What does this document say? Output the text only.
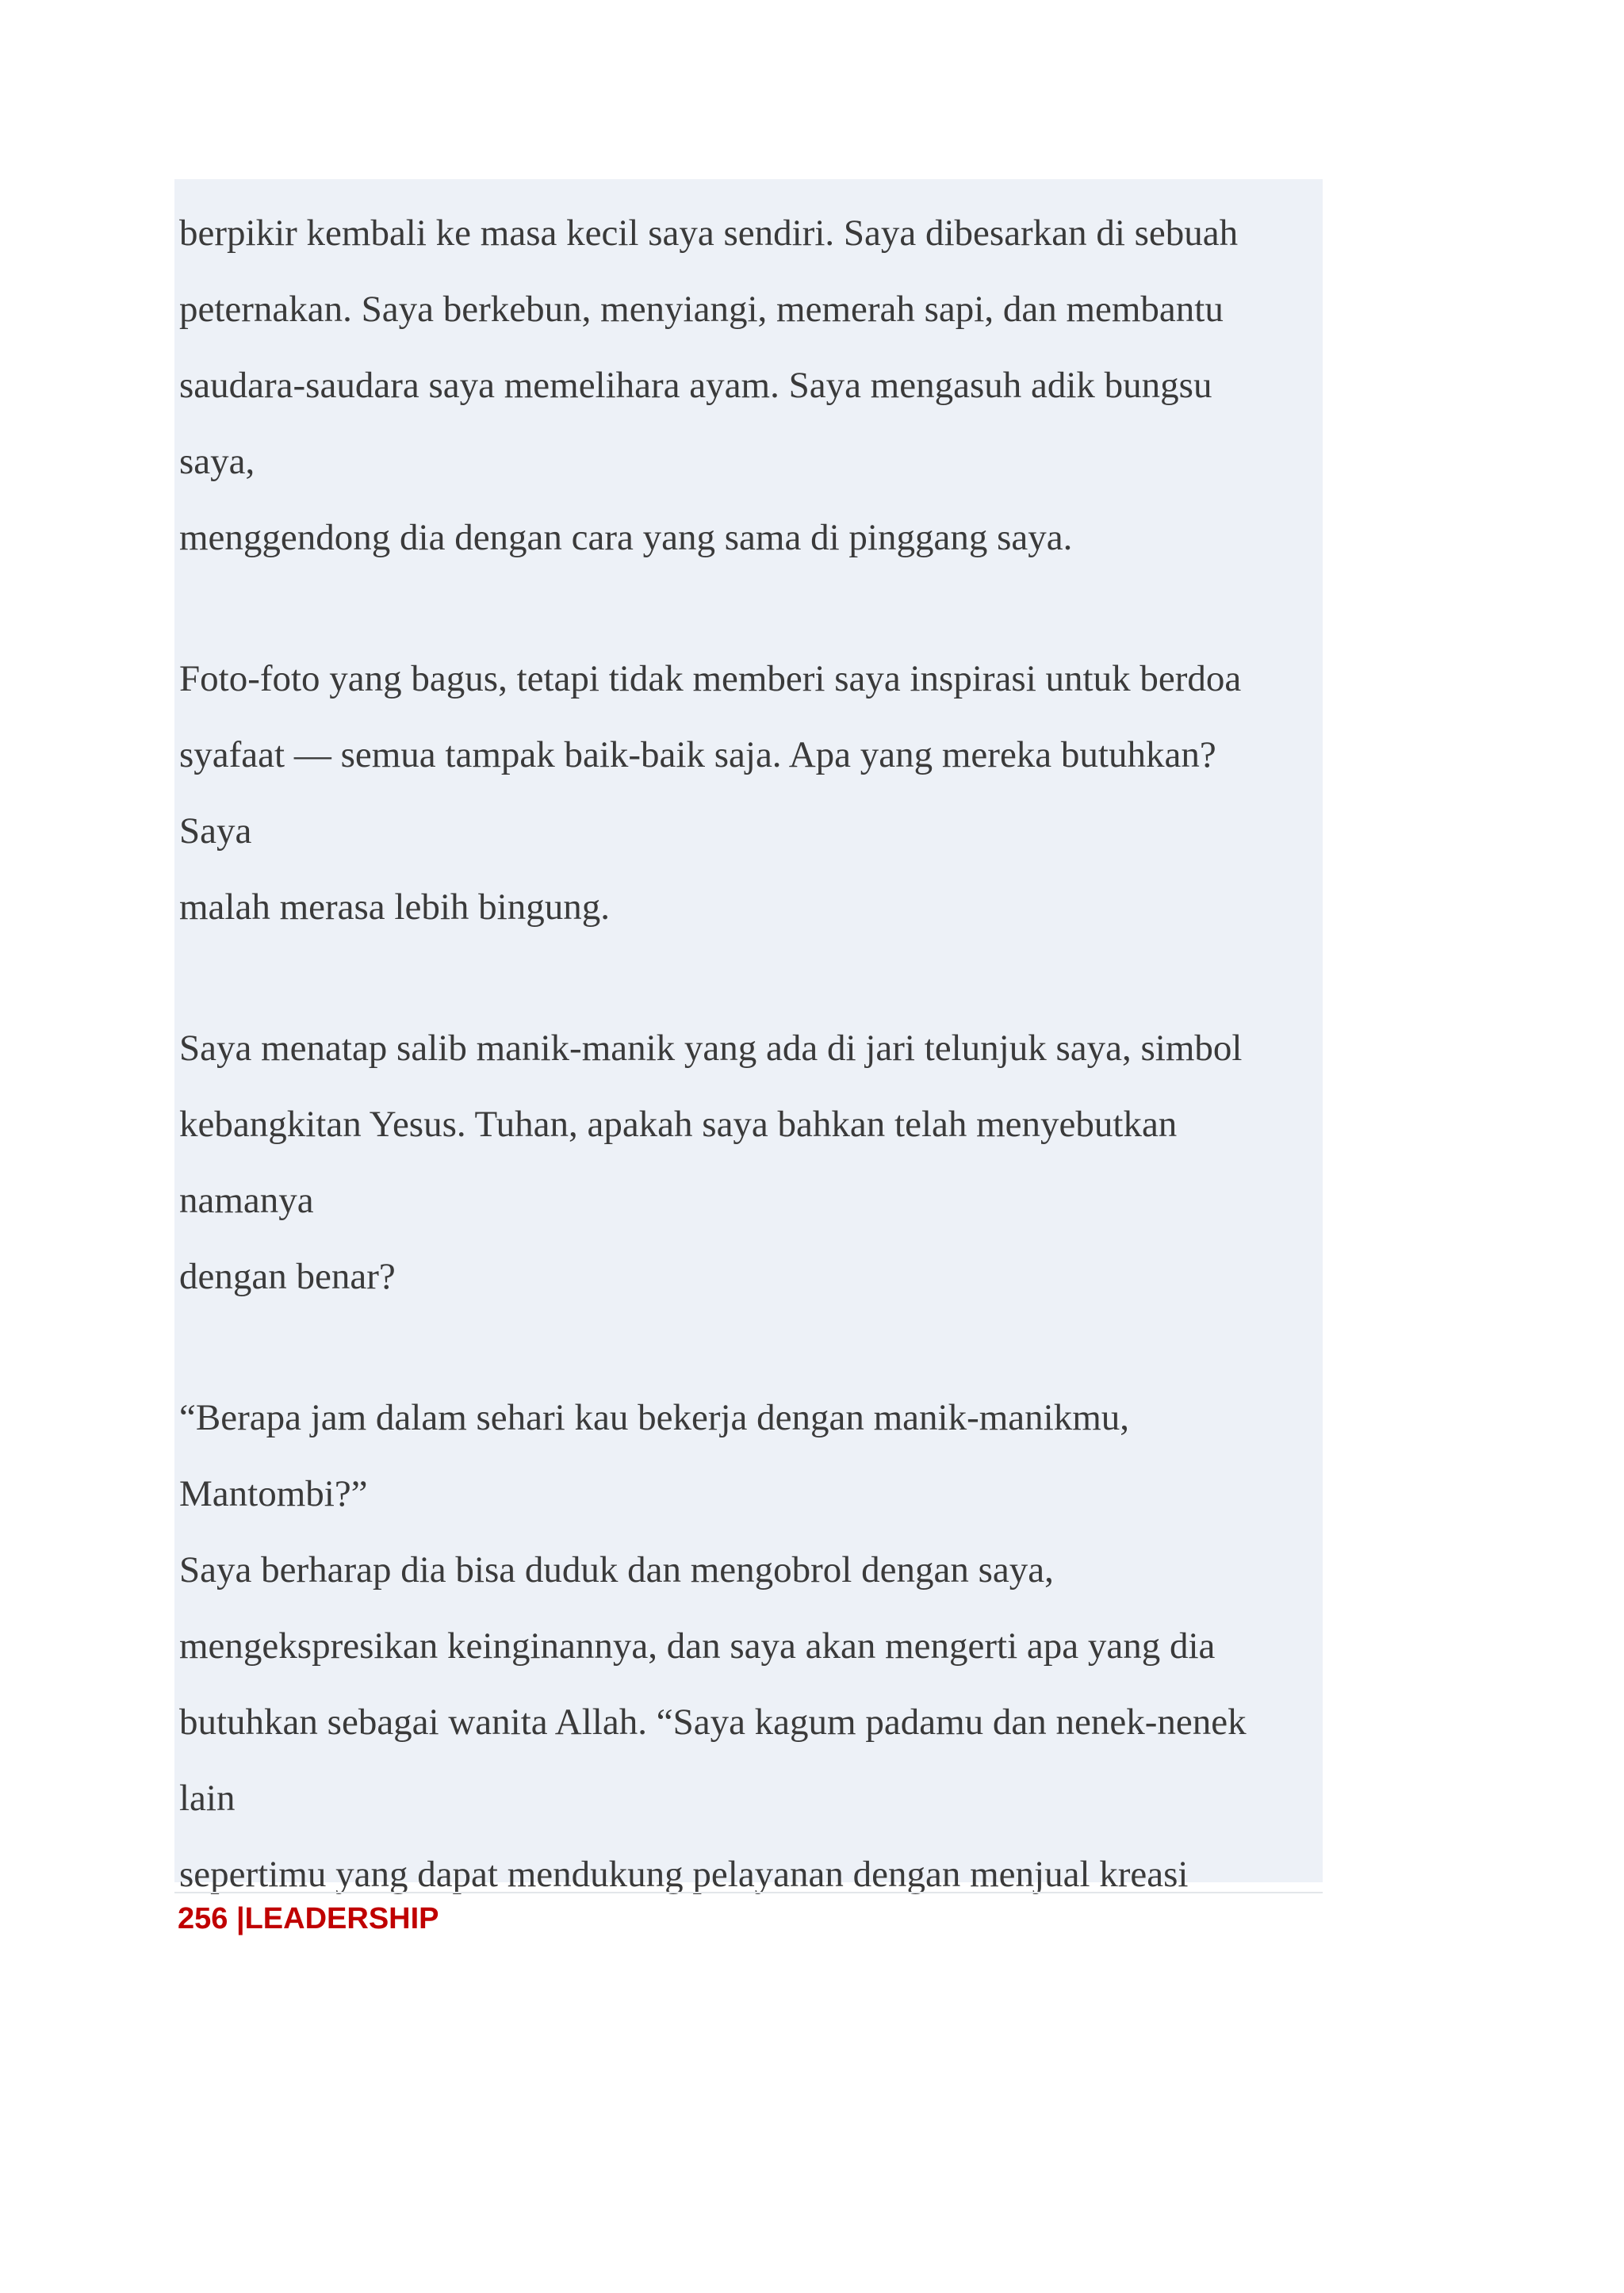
berpikir kembali ke masa kecil saya sendiri. Saya dibesarkan di sebuah
peternakan. Saya berkebun, menyiangi, memerah sapi, dan membantu
saudara-saudara saya memelihara ayam. Saya mengasuh adik bungsu
saya,
menggendong dia dengan cara yang sama di pinggang saya.
Foto-foto yang bagus, tetapi tidak memberi saya inspirasi untuk berdoa
syafaat — semua tampak baik-baik saja. Apa yang mereka butuhkan?
Saya
malah merasa lebih bingung.
Saya menatap salib manik-manik yang ada di jari telunjuk saya, simbol
kebangkitan Yesus. Tuhan, apakah saya bahkan telah menyebutkan
namanya
dengan benar?
“Berapa jam dalam sehari kau bekerja dengan manik-manikmu,
Mantombi?”
Saya berharap dia bisa duduk dan mengobrol dengan saya,
mengekspresikan keinginannya, dan saya akan mengerti apa yang dia
butuhkan sebagai wanita Allah. “Saya kagum padamu dan nenek-nenek
lain
sepertimu yang dapat mendukung pelayanan dengan menjual kreasi
256 |LEADERSHIP
